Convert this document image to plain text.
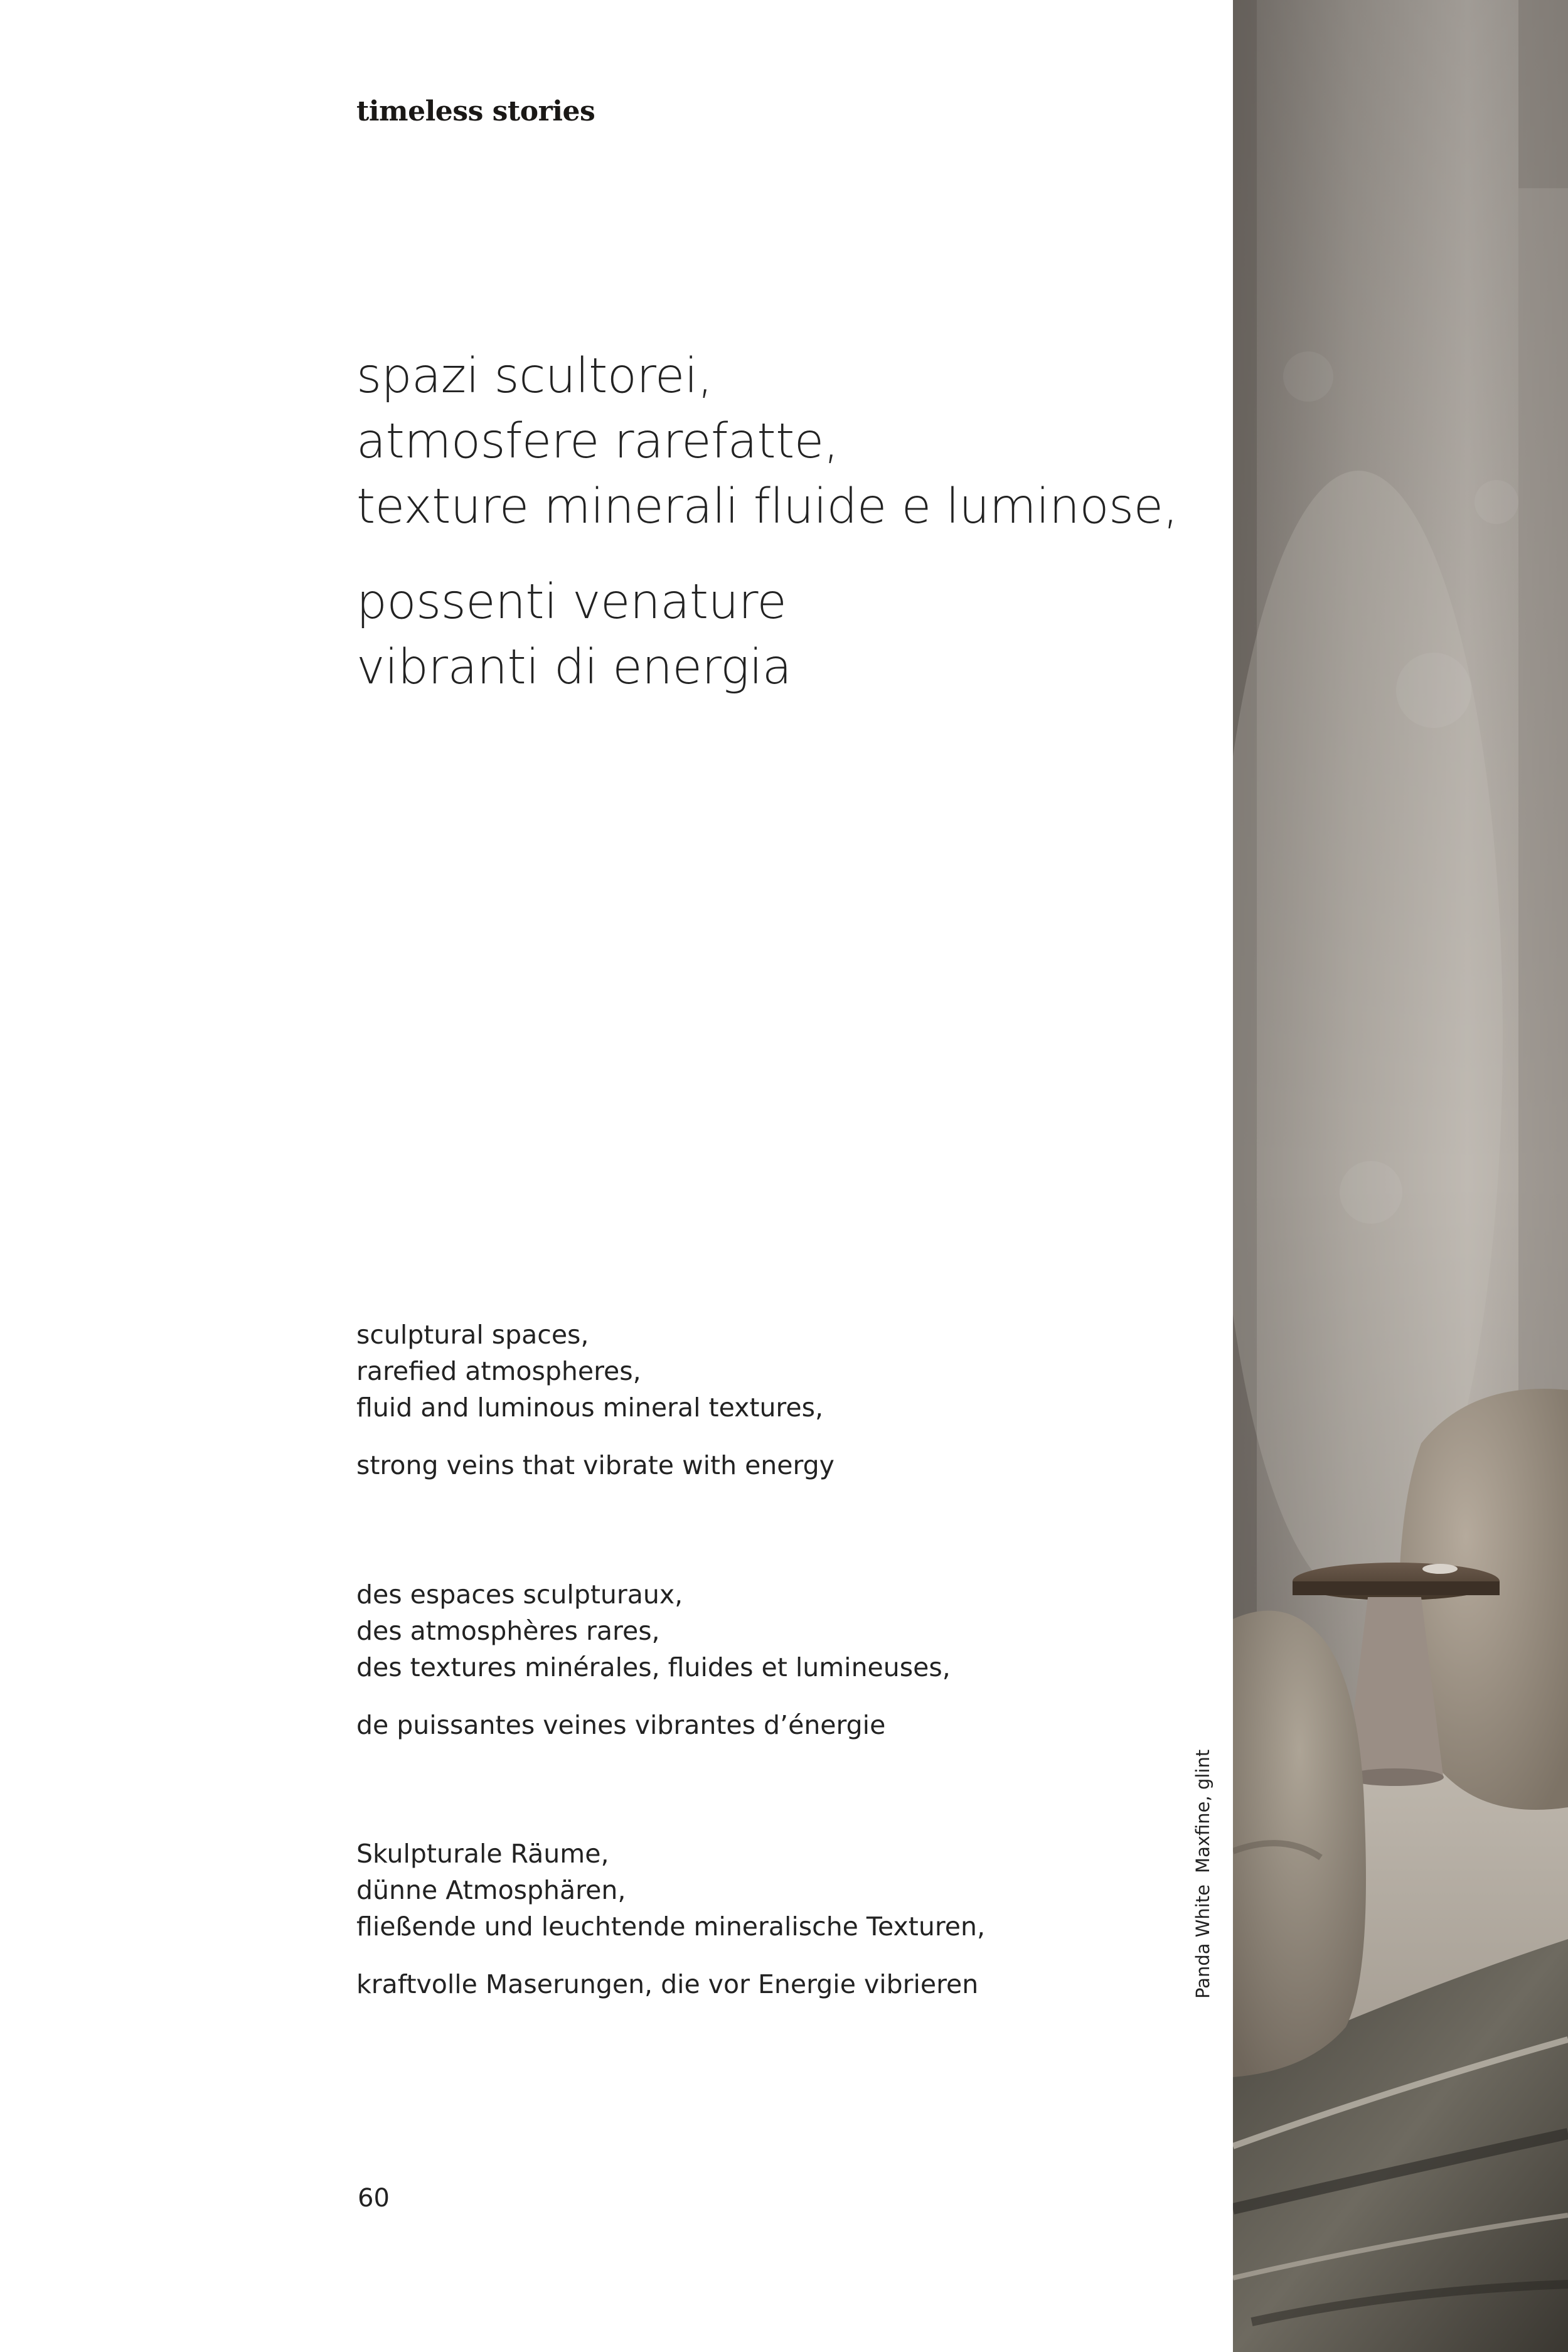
timeless stories
spazi scultorei,
atmosfere rarefatte,
texture minerali fluide e luminose,
possenti venature
vibranti di energia
sculptural spaces,
rarefied atmospheres,
fluid and luminous mineral textures,
strong veins that vibrate with energy
des espaces sculpturaux,
des atmosphères rares,
des textures minérales, fluides et lumineuses,
de puissantes veines vibrantes d’énergie
Skulpturale Räume,
dünne Atmosphären,
fließende und leuchtende mineralische Texturen,
kraftvolle Maserungen, die vor Energie vibrieren
60
Panda WhiteMaxfine, glint
